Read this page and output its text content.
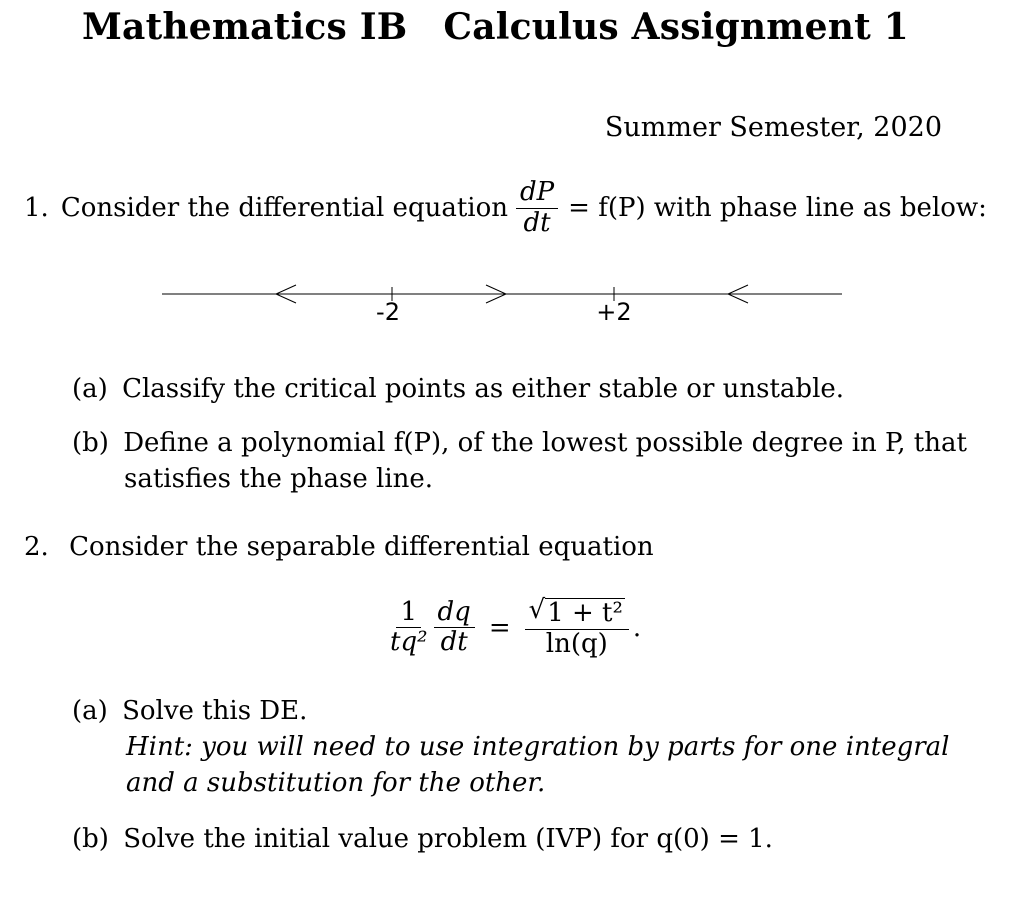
Mathematics IB Calculus Assignment 1
Summer Semester, 2020
1. Consider the differential equation $\frac{dP}{dt} = f(P)$ with phase line as below:
-2	+2
(a) Classify the critical points as either stable or unstable.
(b) Define a polynomial f(P), of the lowest possible degree in P, that
satisfies the phase line.
2. Consider the separable differential equation
$\frac{1}{\text{tq²}} \frac{dq}{dt} = \frac{\text{√ 1 + t²}}{\ln(q)}$ .
(a) Solve this DE.
Hint: you will need to use integration by parts for one integral
and a substitution for the other.
(b) Solve the initial value problem (IVP) for q(0) = 1.
